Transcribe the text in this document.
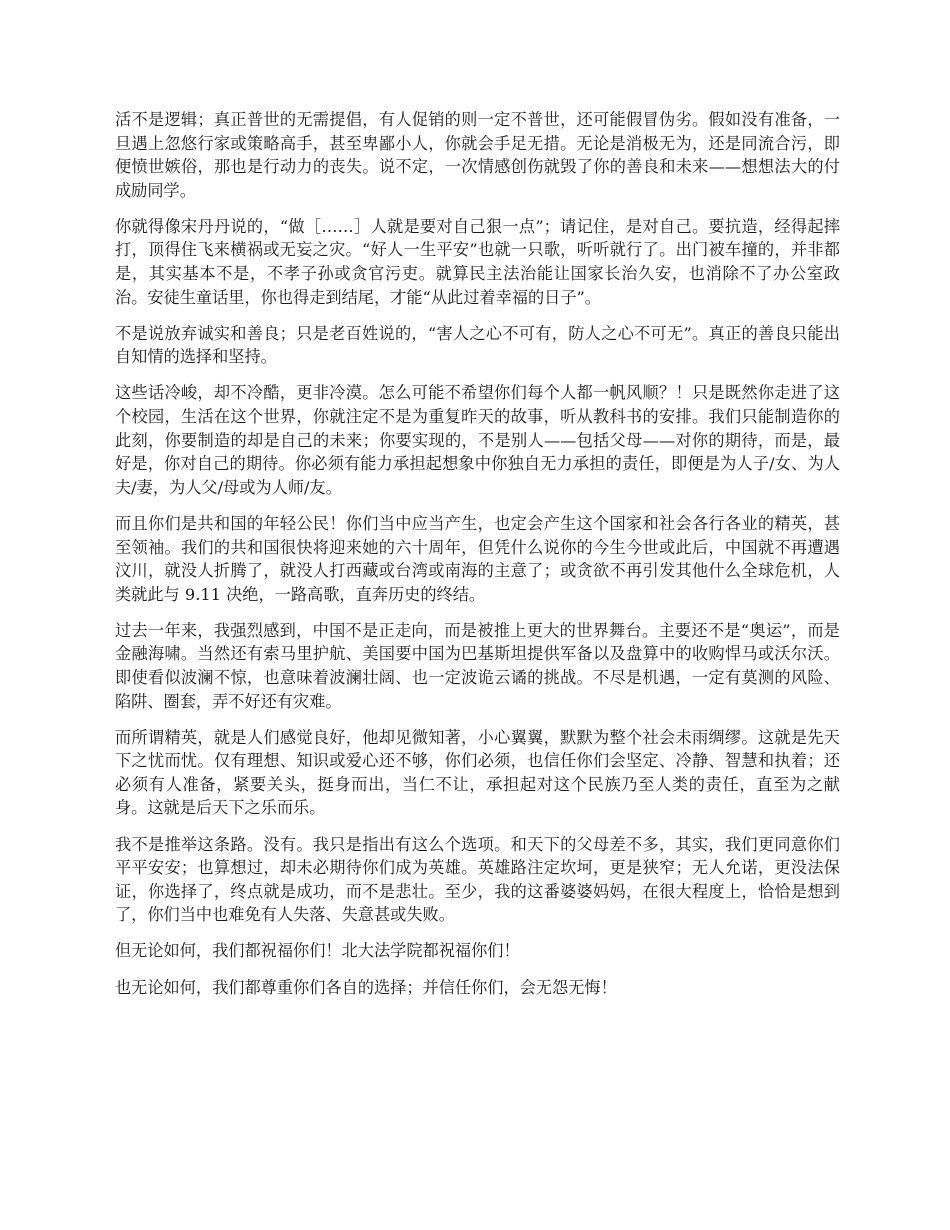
活不是逻辑；真正普世的无需提倡，有人促销的则一定不普世，还可能假冒伪劣。假如没有准备，一旦遇上忽悠行家或策略高手，甚至卑鄙小人，你就会手足无措。无论是消极无为，还是同流合污，即便愤世嫉俗，那也是行动力的丧失。说不定，一次情感创伤就毁了你的善良和未来——想想法大的付成励同学。

你就得像宋丹丹说的，“做［……］人就是要对自己狠一点”；请记住，是对自己。要抗造，经得起摔打，顶得住飞来横祸或无妄之灾。“好人一生平安”也就一只歌，听听就行了。出门被车撞的，并非都是，其实基本不是，不孝子孙或贪官污吏。就算民主法治能让国家长治久安，也消除不了办公室政治。安徒生童话里，你也得走到结尾，才能“从此过着幸福的日子”。

不是说放弃诚实和善良；只是老百姓说的，“害人之心不可有，防人之心不可无”。真正的善良只能出自知情的选择和坚持。

这些话冷峻，却不冷酷，更非冷漠。怎么可能不希望你们每个人都一帆风顺？！只是既然你走进了这个校园，生活在这个世界，你就注定不是为重复昨天的故事，听从教科书的安排。我们只能制造你的此刻，你要制造的却是自己的未来；你要实现的，不是别人——包括父母——对你的期待，而是，最好是，你对自己的期待。你必须有能力承担起想象中你独自无力承担的责任，即便是为人子/女、为人夫/妻，为人父/母或为人师/友。

而且你们是共和国的年轻公民！你们当中应当产生，也定会产生这个国家和社会各行各业的精英，甚至领袖。我们的共和国很快将迎来她的六十周年，但凭什么说你的今生今世或此后，中国就不再遭遇汶川，就没人折腾了，就没人打西藏或台湾或南海的主意了；或贪欲不再引发其他什么全球危机，人类就此与 9.11 决绝，一路高歌，直奔历史的终结。

过去一年来，我强烈感到，中国不是正走向，而是被推上更大的世界舞台。主要还不是“奥运”，而是金融海啸。当然还有索马里护航、美国要中国为巴基斯坦提供军备以及盘算中的收购悍马或沃尔沃。即使看似波澜不惊，也意味着波澜壮阔、也一定波诡云谲的挑战。不尽是机遇，一定有莫测的风险、陷阱、圈套，弄不好还有灾难。

而所谓精英，就是人们感觉良好，他却见微知著，小心翼翼，默默为整个社会未雨绸缪。这就是先天下之忧而忧。仅有理想、知识或爱心还不够，你们必须，也信任你们会坚定、冷静、智慧和执着；还必须有人准备，紧要关头，挺身而出，当仁不让，承担起对这个民族乃至人类的责任，直至为之献身。这就是后天下之乐而乐。

我不是推举这条路。没有。我只是指出有这么个选项。和天下的父母差不多，其实，我们更同意你们平平安安；也算想过，却未必期待你们成为英雄。英雄路注定坎坷，更是狭窄；无人允诺，更没法保证，你选择了，终点就是成功，而不是悲壮。至少，我的这番婆婆妈妈，在很大程度上，恰恰是想到了，你们当中也难免有人失落、失意甚或失败。

但无论如何，我们都祝福你们！北大法学院都祝福你们！

也无论如何，我们都尊重你们各自的选择；并信任你们，会无怨无悔！
